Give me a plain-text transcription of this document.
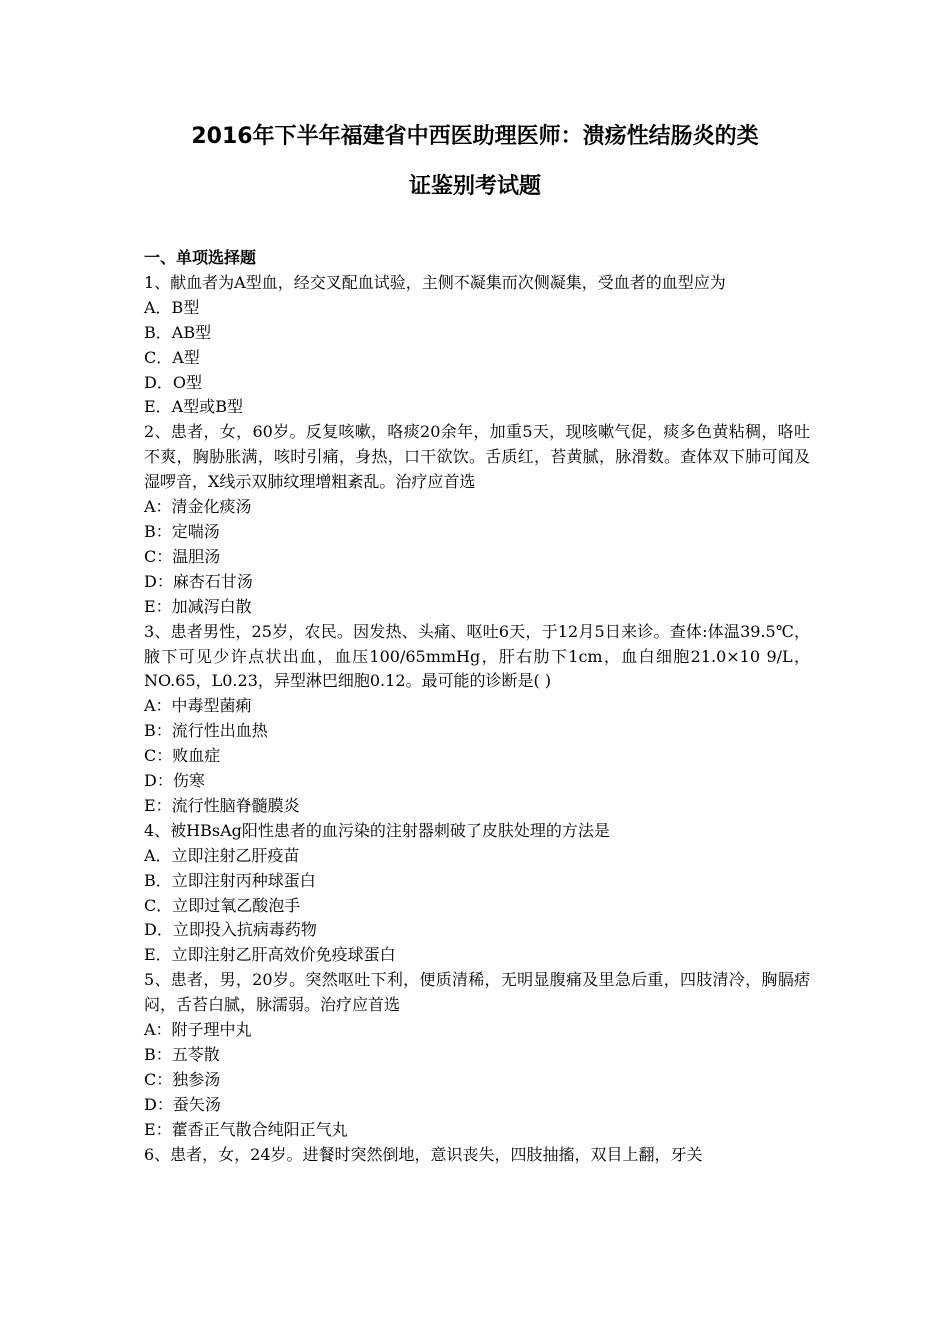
2016年下半年福建省中西医助理医师：溃疡性结肠炎的类
证鉴别考试题
一、单项选择题
1、献血者为A型血，经交叉配血试验，主侧不凝集而次侧凝集，受血者的血型应为
A．B型
B．AB型
C．A型
D．O型
E．A型或B型
2、患者，女，60岁。反复咳嗽，咯痰20余年，加重5天，现咳嗽气促，痰多色黄粘稠，咯吐不爽，胸胁胀满，咳时引痛，身热，口干欲饮。舌质红，苔黄腻，脉滑数。查体双下肺可闻及湿啰音，X线示双肺纹理增粗紊乱。治疗应首选
A：清金化痰汤
B：定喘汤
C：温胆汤
D：麻杏石甘汤
E：加减泻白散
3、患者男性，25岁，农民。因发热、头痛、呕吐6天，于12月5日来诊。查体:体温39.5℃，腋下可见少许点状出血，血压100/65mmHg，肝右肋下1cm，血白细胞21.0×10 9/L，NO.65，L0.23，异型淋巴细胞0.12。最可能的诊断是( )
A：中毒型菌痢
B：流行性出血热
C：败血症
D：伤寒
E：流行性脑脊髓膜炎
4、被HBsAg阳性患者的血污染的注射器刺破了皮肤处理的方法是
A．立即注射乙肝疫苗
B．立即注射丙种球蛋白
C．立即过氧乙酸泡手
D．立即投入抗病毒药物
E．立即注射乙肝高效价免疫球蛋白
5、患者，男，20岁。突然呕吐下利，便质清稀，无明显腹痛及里急后重，四肢清冷，胸膈痞闷，舌苔白腻，脉濡弱。治疗应首选
A：附子理中丸
B：五苓散
C：独参汤
D：蚕矢汤
E：藿香正气散合纯阳正气丸
6、患者，女，24岁。进餐时突然倒地，意识丧失，四肢抽搐，双目上翻，牙关
